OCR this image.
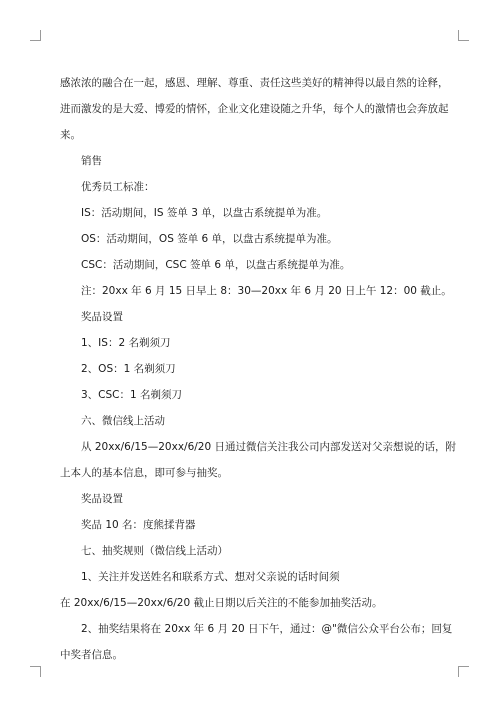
感浓浓的融合在一起，感恩、理解、尊重、责任这些美好的精神得以最自然的诠释，

进而激发的是大爱、博爱的情怀，企业文化建设随之升华，每个人的激情也会奔放起

来。

销售

优秀员工标准：

IS：活动期间，IS 签单 3 单，以盘古系统提单为准。

OS：活动期间，OS 签单 6 单，以盘古系统提单为准。

CSC：活动期间，CSC 签单 6 单，以盘古系统提单为准。

注：20xx 年 6 月 15 日早上 8：30—20xx 年 6 月 20 日上午 12：00 截止。

奖品设置

1、IS：2 名剃须刀

2、OS：1 名剃须刀

3、CSC：1 名剃须刀

六、微信线上活动

从 20xx/6/15—20xx/6/20 日通过微信关注我公司内部发送对父亲想说的话，附

上本人的基本信息，即可参与抽奖。

奖品设置

奖品 10 名：度熊揉背器

七、抽奖规则（微信线上活动）

1、关注并发送姓名和联系方式、想对父亲说的话时间须

在 20xx/6/15—20xx/6/20 截止日期以后关注的不能参加抽奖活动。

2、抽奖结果将在 20xx 年 6 月 20 日下午，通过：@"微信公众平台公布；回复

中奖者信息。
